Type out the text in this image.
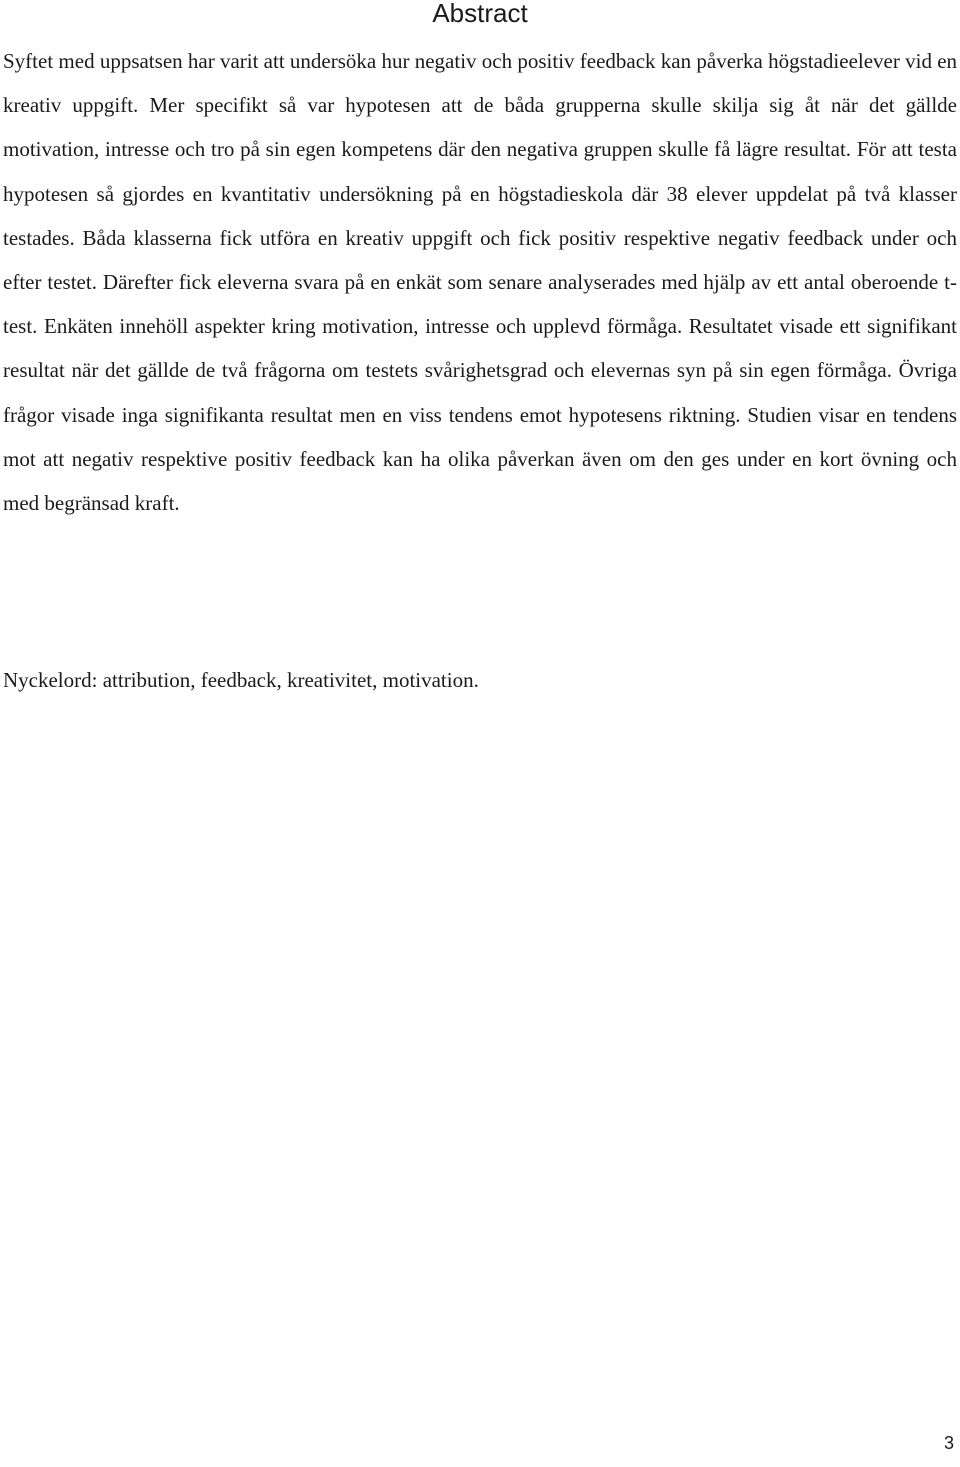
Abstract

Syftet med uppsatsen har varit att undersöka hur negativ och positiv feedback kan påverka högstadieelever vid en kreativ uppgift. Mer specifikt så var hypotesen att de båda grupperna skulle skilja sig åt när det gällde motivation, intresse och tro på sin egen kompetens där den negativa gruppen skulle få lägre resultat. För att testa hypotesen så gjordes en kvantitativ undersökning på en högstadieskola där 38 elever uppdelat på två klasser testades. Båda klasserna fick utföra en kreativ uppgift och fick positiv respektive negativ feedback under och efter testet. Därefter fick eleverna svara på en enkät som senare analyserades med hjälp av ett antal oberoende t-test. Enkäten innehöll aspekter kring motivation, intresse och upplevd förmåga. Resultatet visade ett signifikant resultat när det gällde de två frågorna om testets svårighetsgrad och elevernas syn på sin egen förmåga. Övriga frågor visade inga signifikanta resultat men en viss tendens emot hypotesens riktning. Studien visar en tendens mot att negativ respektive positiv feedback kan ha olika påverkan även om den ges under en kort övning och med begränsad kraft.

Nyckelord: attribution, feedback, kreativitet, motivation.

3
